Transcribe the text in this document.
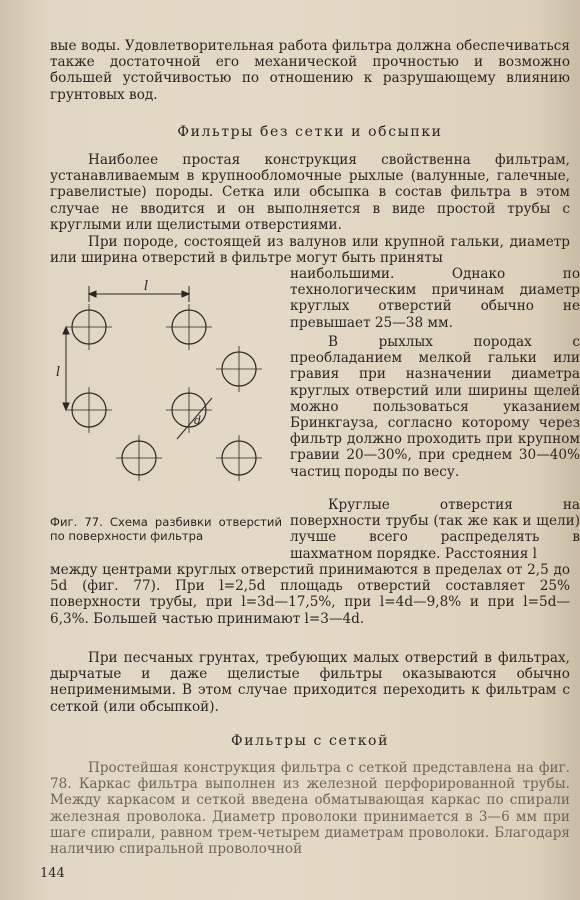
вые воды. Удовлетворительная работа фильтра должна обеспечиваться также достаточной его механической прочностью и возможно большей устойчивостью по отношению к разрушающему влиянию грунтовых вод.

Фильтры без сетки и обсыпки

Наиболее простая конструкция свойственна фильтрам, устанавливаемым в крупнообломочные рыхлые (валунные, галечные, гравелистые) породы. Сетка или обсыпка в состав фильтра в этом случае не вводится и он выполняется в виде простой трубы с круглыми или щелистыми отверстиями.

При породе, состоящей из валунов или крупной гальки, диаметр или ширина отверстий в фильтре могут быть приняты

наибольшими. Однако по технологическим причинам диаметр круглых отверстий обычно не превышает 25—38 мм.

В рыхлых породах с преобладанием мелкой гальки или гравия при назначении диаметра круглых отверстий или ширины щелей можно пользоваться указанием Бринкгауза, согласно которому через фильтр должно проходить при крупном гравии 20—30%, при среднем 30—40% частиц породы по весу.

Круглые отверстия на поверхности трубы (так же как и щели) лучше всего распределять в шахматном порядке. Расстояния l

между центрами круглых отверстий принимаются в пределах от 2,5 до 5d (фиг. 77). При l=2,5d площадь отверстий составляет 25% поверхности трубы, при l=3d—17,5%, при l=4d—9,8% и при l=5d—6,3%. Большей частью принимают l=3—4d.

При песчаных грунтах, требующих малых отверстий в фильтрах, дырчатые и даже щелистые фильтры оказываются обычно неприменимыми. В этом случае приходится переходить к фильтрам с сеткой (или обсыпкой).

Фильтры с сеткой

Простейшая конструкция фильтра с сеткой представлена на фиг. 78. Каркас фильтра выполнен из железной перфорированной трубы. Между каркасом и сеткой введена обматывающая каркас по спирали железная проволока. Диаметр проволоки принимается в 3—6 мм при шаге спирали, равном трем-четырем диаметрам проволоки. Благодаря наличию спиральной проволочной

l
l
d

Фиг. 77. Схема разбивки отверстий по поверхности фильтра

144
